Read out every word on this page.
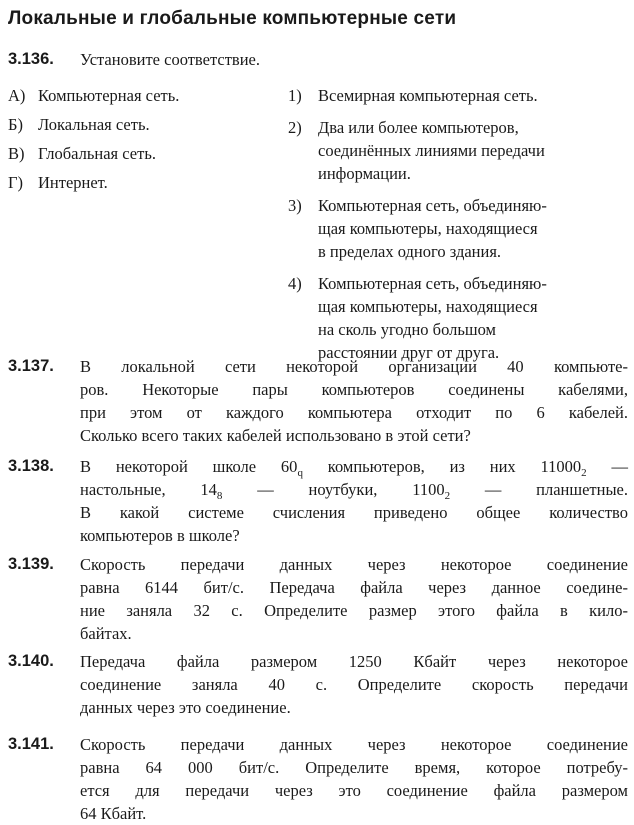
Локальные и глобальные компьютерные сети
3.136. Установите соответствие.

А) Компьютерная сеть.
Б) Локальная сеть.
В) Глобальная сеть.
Г) Интернет.
1) Всемирная компьютерная сеть.

2) Два или более компьютеров,

соединённых линиями передачи

информации.

3) Компьютерная сеть, объединяю-

щая компьютеры, находящиеся

в пределах одного здания.

4) Компьютерная сеть, объединяю-

щая компьютеры, находящиеся

на сколь угодно большом

расстоянии друг от друга.

3.137. В локальной сети некоторой организации 40 компьюте-

ров. Некоторые пары компьютеров соединены кабелями,

при этом от каждого компьютера отходит по 6 кабелей.

Сколько всего таких кабелей использовано в этой сети?

3.138. В некоторой школе $60_q$ компьютеров, из них $11000_2$ —

настольные, $14_8$ — ноутбуки, $1100_2$ — планшетные.

В какой системе счисления приведено общее количество

компьютеров в школе?

3.139. Скорость передачи данных через некоторое соединение

равна 6144 бит/с. Передача файла через данное соедине-

ние заняла 32 с. Определите размер этого файла в кило-

байтах.

3.140. Передача файла размером 1250 Кбайт через некоторое

соединение заняла 40 с. Определите скорость передачи

данных через это соединение.

3.141. Скорость передачи данных через некоторое соединение

равна 64 000 бит/с. Определите время, которое потребу-

ется для передачи через это соединение файла размером

64 Кбайт.
